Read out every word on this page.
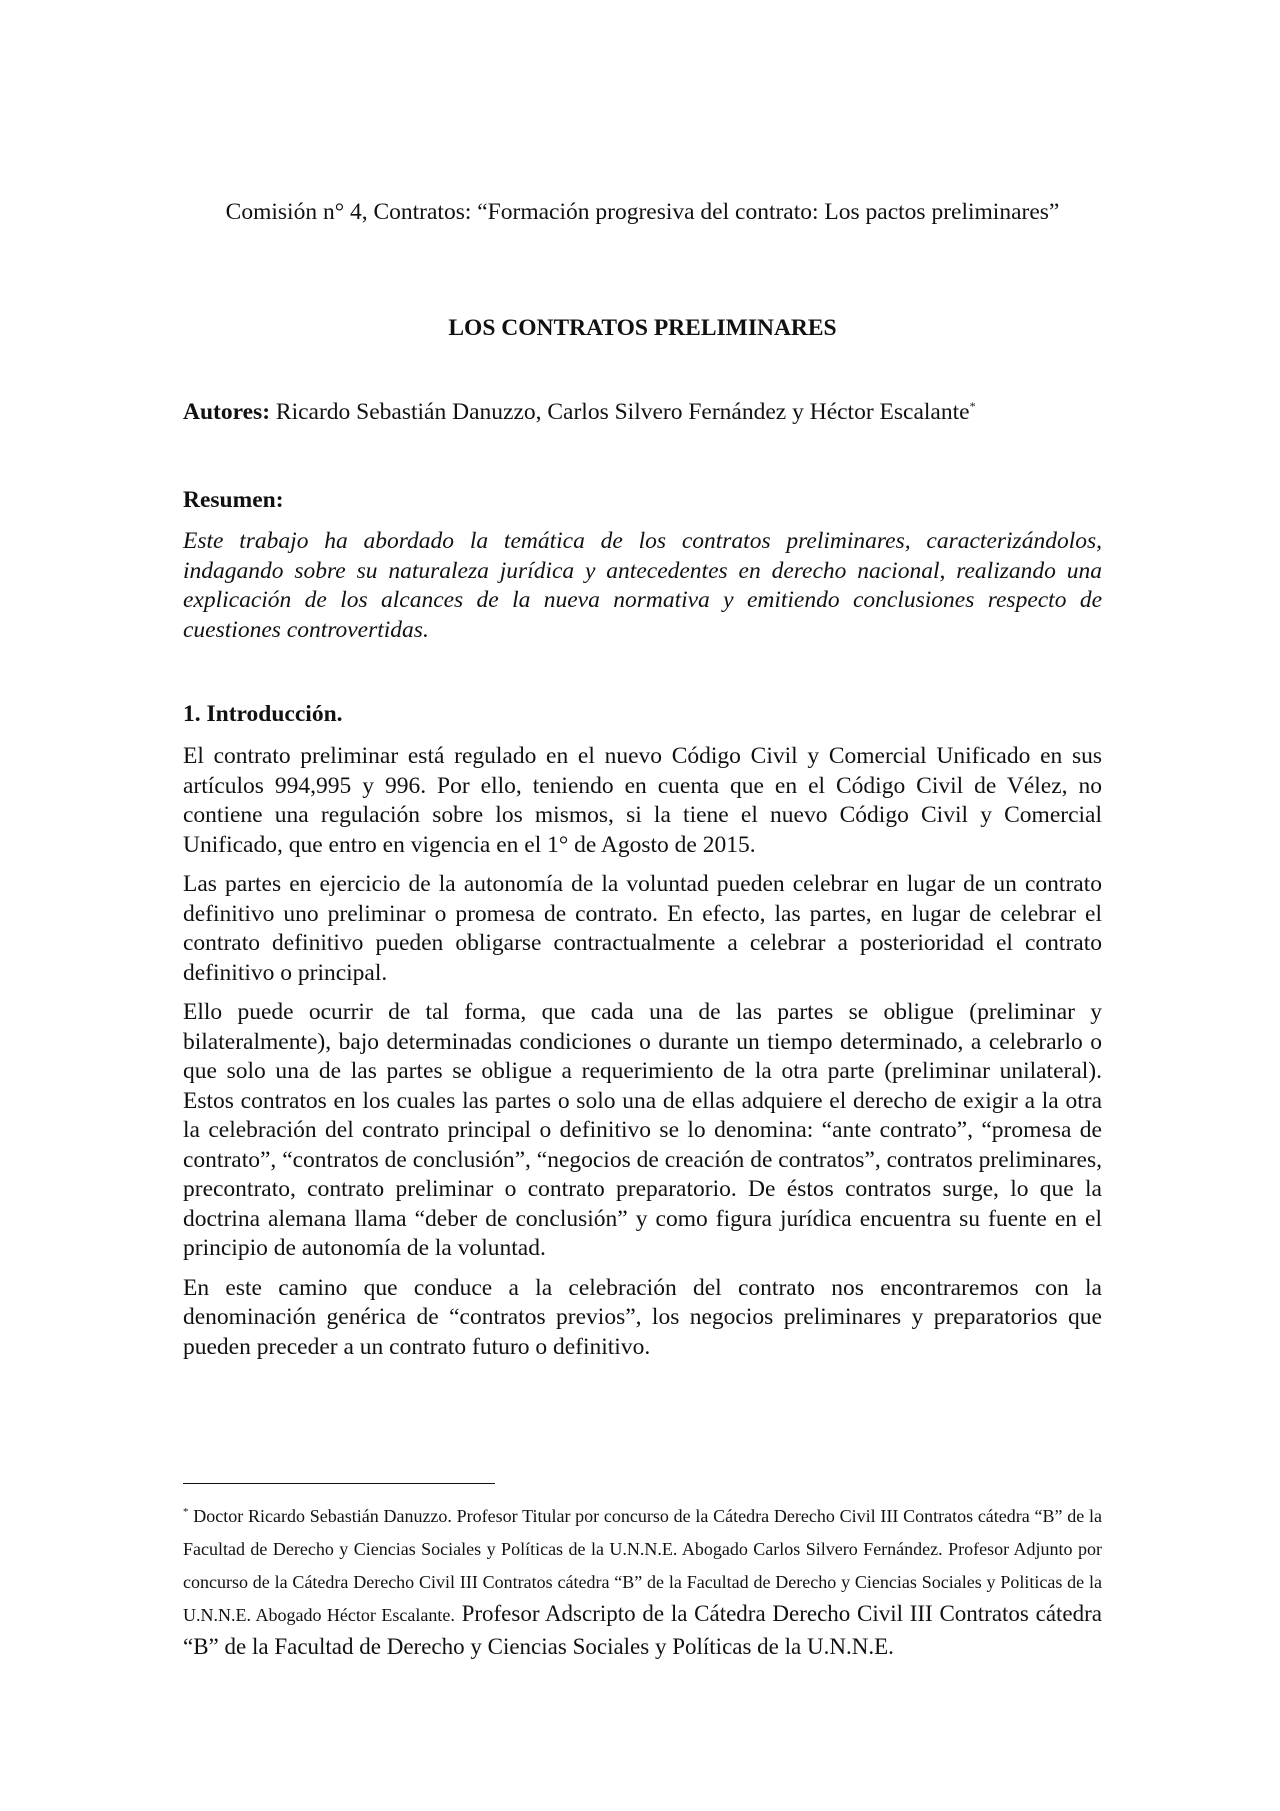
Comisión n° 4, Contratos: “Formación progresiva del contrato: Los pactos preliminares”
LOS CONTRATOS PRELIMINARES
Autores: Ricardo Sebastián Danuzzo, Carlos Silvero Fernández y Héctor Escalante*
Resumen:
Este trabajo ha abordado la temática de los contratos preliminares, caracterizándolos, indagando sobre su naturaleza jurídica y antecedentes en derecho nacional, realizando una explicación de los alcances de la nueva normativa y emitiendo conclusiones respecto de cuestiones controvertidas.
1. Introducción.

El contrato preliminar está regulado en el nuevo Código Civil y Comercial Unificado en sus artículos 994,995 y 996. Por ello, teniendo en cuenta que en el Código Civil de Vélez, no contiene una regulación sobre los mismos, si la tiene el nuevo Código Civil y Comercial Unificado, que entro en vigencia en el 1° de Agosto de 2015.

Las partes en ejercicio de la autonomía de la voluntad pueden celebrar en lugar de un contrato definitivo uno preliminar o promesa de contrato. En efecto, las partes, en lugar de celebrar el contrato definitivo pueden obligarse contractualmente a celebrar a posterioridad el contrato definitivo o principal.

Ello puede ocurrir de tal forma, que cada una de las partes se obligue (preliminar y bilateralmente), bajo determinadas condiciones o durante un tiempo determinado, a celebrarlo o que solo una de las partes se obligue a requerimiento de la otra parte (preliminar unilateral). Estos contratos en los cuales las partes o solo una de ellas adquiere el derecho de exigir a la otra la celebración del contrato principal o definitivo se lo denomina: “ante contrato”, “promesa de contrato”, “contratos de conclusión”, “negocios de creación de contratos”, contratos preliminares, precontrato, contrato preliminar o contrato preparatorio. De éstos contratos surge, lo que la doctrina alemana llama “deber de conclusión” y como figura jurídica encuentra su fuente en el principio de autonomía de la voluntad.

En este camino que conduce a la celebración del contrato nos encontraremos con la denominación genérica de “contratos previos”, los negocios preliminares y preparatorios que pueden preceder a un contrato futuro o definitivo.

* Doctor Ricardo Sebastián Danuzzo. Profesor Titular por concurso de la Cátedra Derecho Civil III Contratos cátedra “B” de la Facultad de Derecho y Ciencias Sociales y Políticas de la U.N.N.E. Abogado Carlos Silvero Fernández. Profesor Adjunto por concurso de la Cátedra Derecho Civil III Contratos cátedra “B” de la Facultad de Derecho y Ciencias Sociales y Politicas de la U.N.N.E. Abogado Héctor Escalante. Profesor Adscripto de la Cátedra Derecho Civil III Contratos cátedra “B” de la Facultad de Derecho y Ciencias Sociales y Políticas de la U.N.N.E.
